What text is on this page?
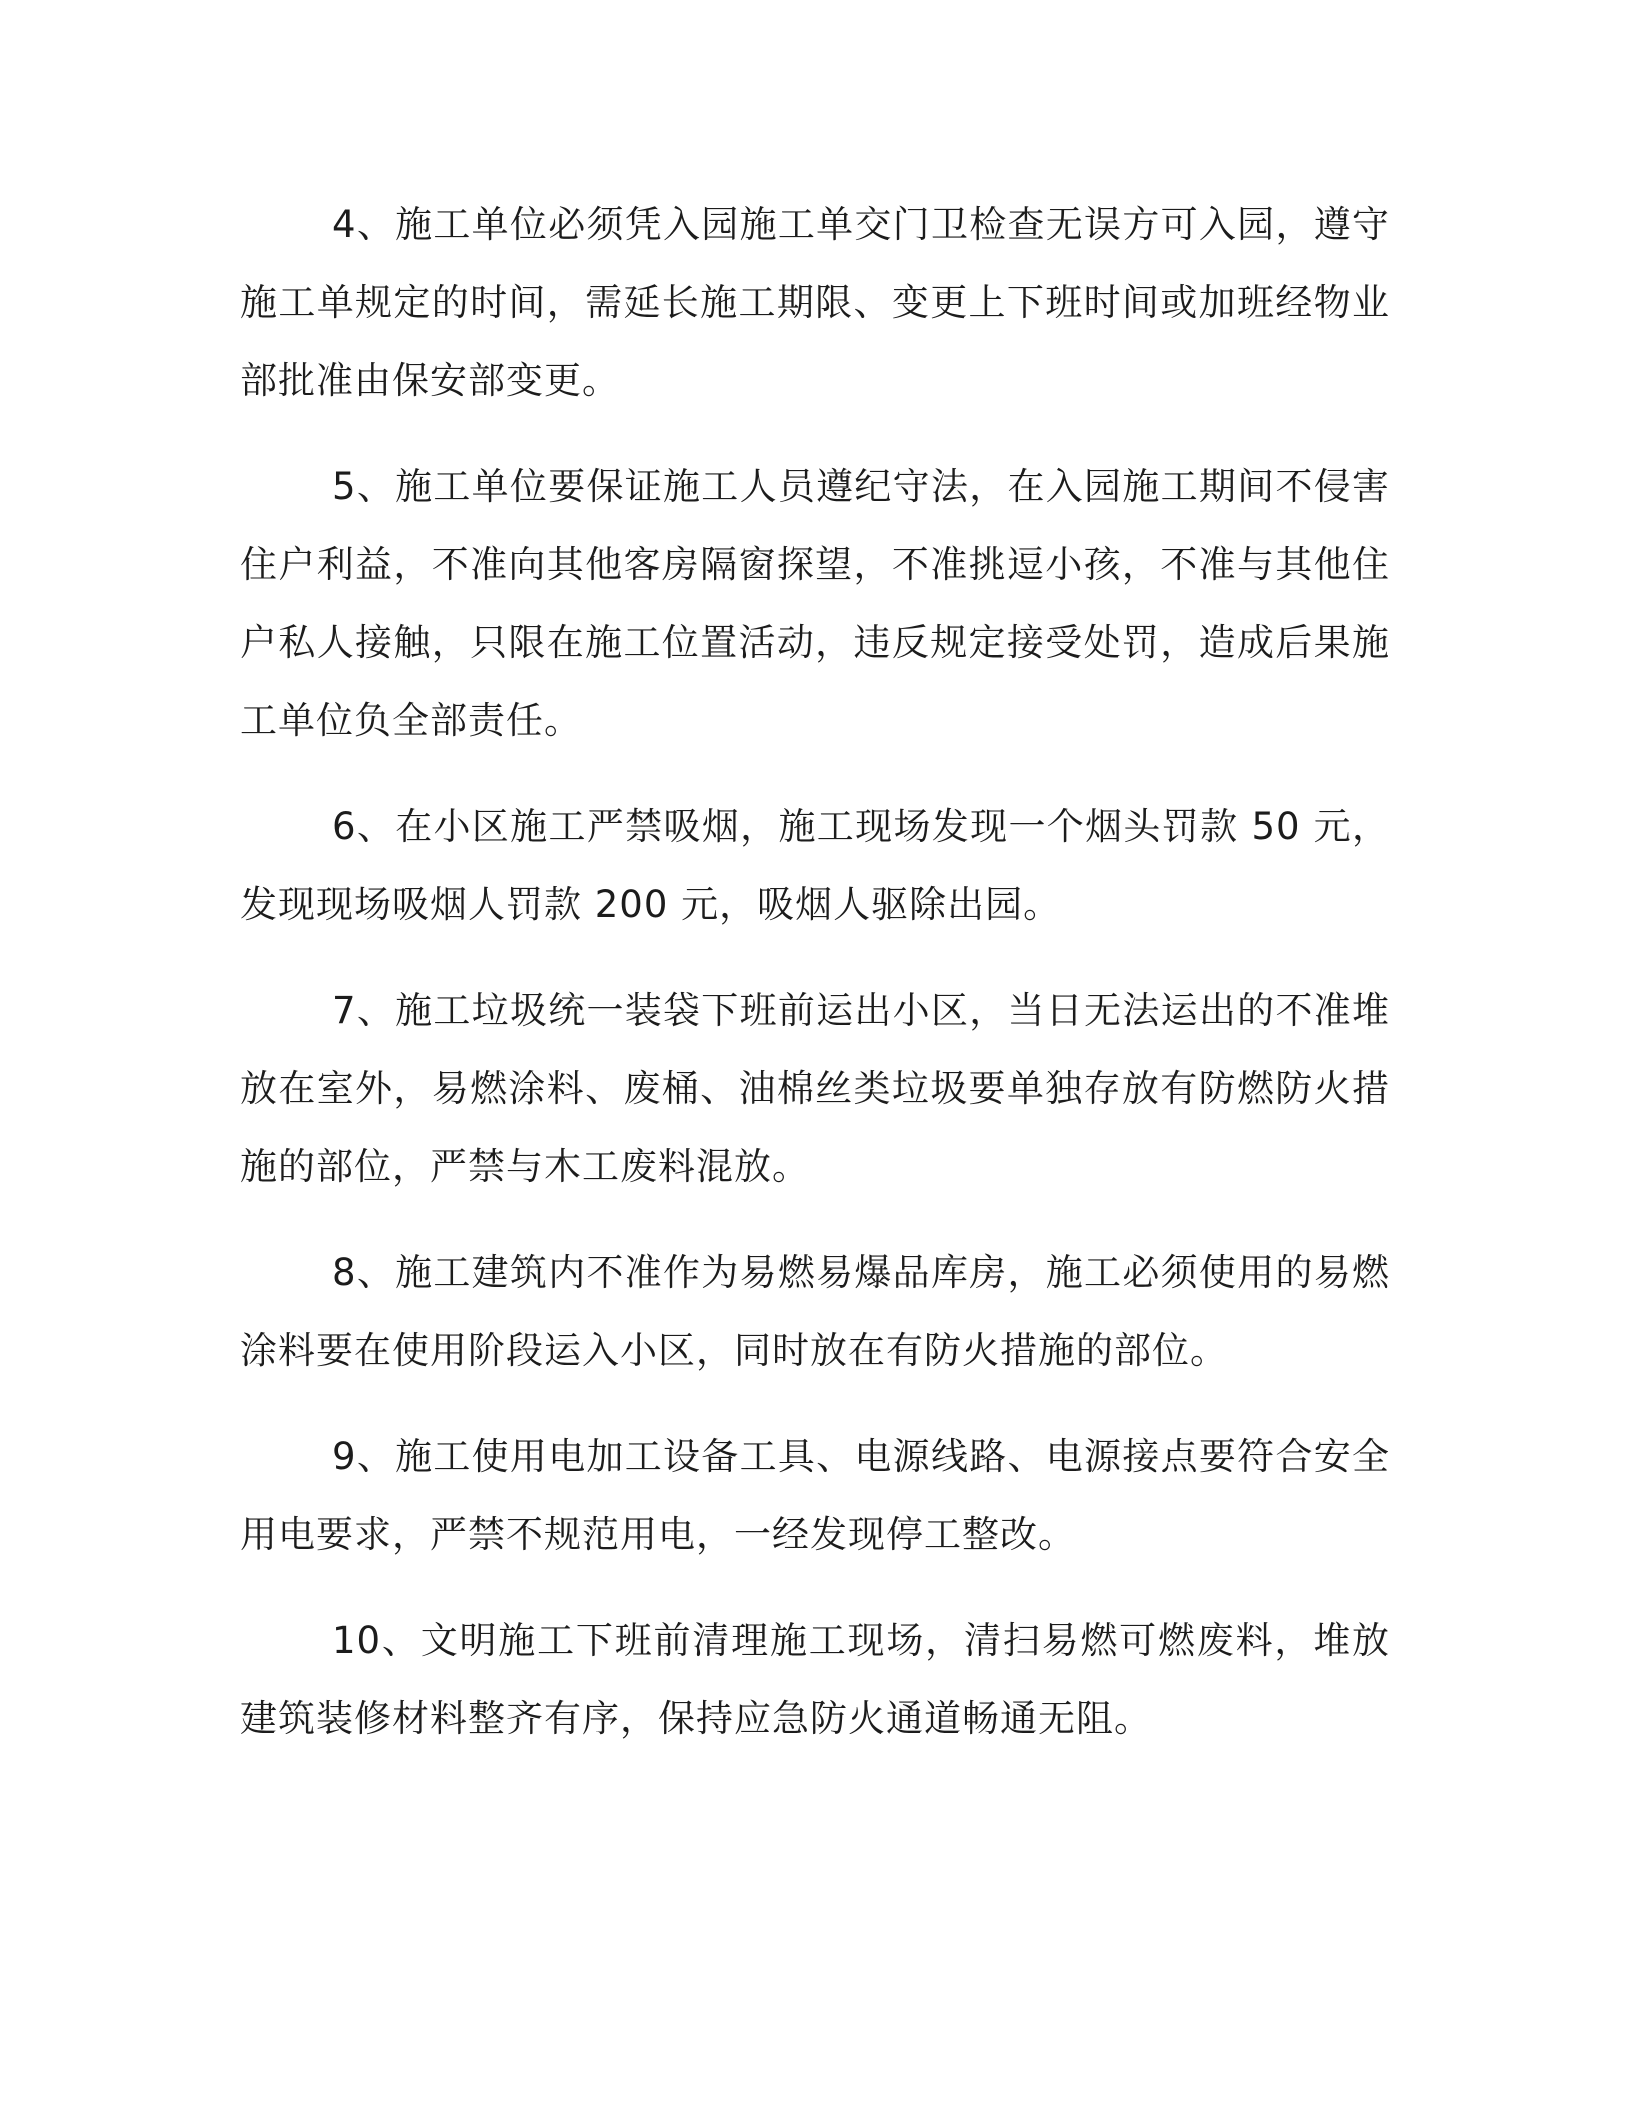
4、施工单位必须凭入园施工单交门卫检查无误方可入园，遵守施工单规定的时间，需延长施工期限、变更上下班时间或加班经物业部批准由保安部变更。

5、施工单位要保证施工人员遵纪守法，在入园施工期间不侵害住户利益，不准向其他客房隔窗探望，不准挑逗小孩，不准与其他住户私人接触，只限在施工位置活动，违反规定接受处罚，造成后果施工单位负全部责任。

6、在小区施工严禁吸烟，施工现场发现一个烟头罚款 50 元，发现现场吸烟人罚款 200 元，吸烟人驱除出园。

7、施工垃圾统一装袋下班前运出小区，当日无法运出的不准堆放在室外，易燃涂料、废桶、油棉丝类垃圾要单独存放有防燃防火措施的部位，严禁与木工废料混放。

8、施工建筑内不准作为易燃易爆品库房，施工必须使用的易燃涂料要在使用阶段运入小区，同时放在有防火措施的部位。

9、施工使用电加工设备工具、电源线路、电源接点要符合安全用电要求，严禁不规范用电，一经发现停工整改。

10、文明施工下班前清理施工现场，清扫易燃可燃废料，堆放建筑装修材料整齐有序，保持应急防火通道畅通无阻。
